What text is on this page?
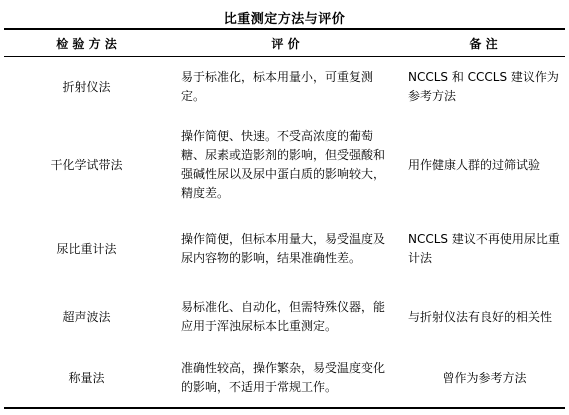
比重测定方法与评价
检 验 方 法	评 价	备 注
折射仪法	易于标准化，标本用量小，可重复测定。	NCCLS 和 CCCLS 建议作为参考方法
干化学试带法	操作简便、快速。不受高浓度的葡萄糖、尿素或造影剂的影响，但受强酸和强碱性尿以及尿中蛋白质的影响较大，精度差。	用作健康人群的过筛试验
尿比重计法	操作简便，但标本用量大，易受温度及尿内容物的影响，结果准确性差。	NCCLS 建议不再使用尿比重计法
超声波法	易标准化、自动化，但需特殊仪器，能应用于浑浊尿标本比重测定。	与折射仪法有良好的相关性
称量法	准确性较高，操作繁杂，易受温度变化的影响，不适用于常规工作。	曾作为参考方法
